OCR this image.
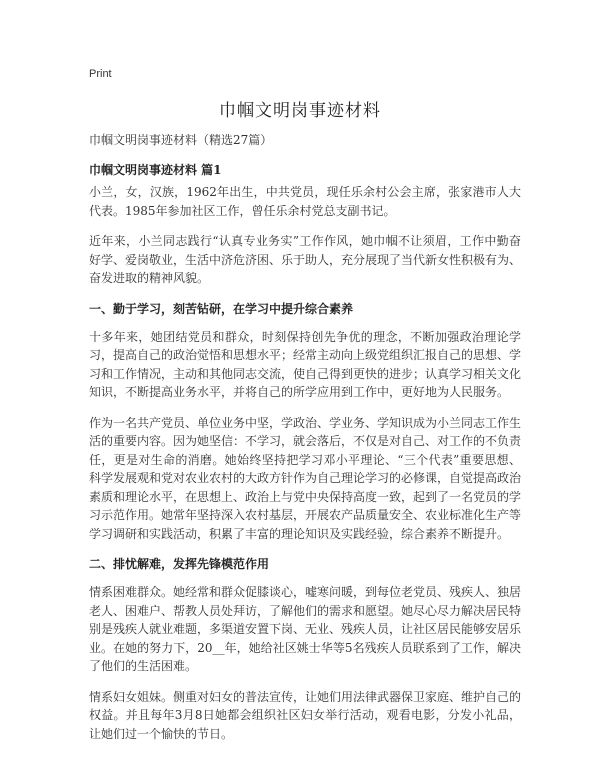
Print
巾帼文明岗事迹材料
巾帼文明岗事迹材料（精选27篇）
巾帼文明岗事迹材料 篇1

小兰，女，汉族，1962年出生，中共党员，现任乐余村公会主席，张家港市人大代表。1985年参加社区工作，曾任乐余村党总支副书记。

近年来，小兰同志践行“认真专业务实”工作作风，她巾帼不让须眉，工作中勤奋好学、爱岗敬业，生活中济危济困、乐于助人，充分展现了当代新女性积极有为、奋发进取的精神风貌。

一、勤于学习，刻苦钻研，在学习中提升综合素养

十多年来，她团结党员和群众，时刻保持创先争优的理念，不断加强政治理论学习，提高自己的政治觉悟和思想水平；经常主动向上级党组织汇报自己的思想、学习和工作情况，主动和其他同志交流，使自己得到更快的进步；认真学习相关文化知识，不断提高业务水平，并将自己的所学应用到工作中，更好地为人民服务。

作为一名共产党员、单位业务中坚，学政治、学业务、学知识成为小兰同志工作生活的重要内容。因为她坚信：不学习，就会落后，不仅是对自己、对工作的不负责任，更是对生命的消磨。她始终坚持把学习邓小平理论、“三个代表”重要思想、科学发展观和党对农业农村的大政方针作为自己理论学习的必修课，自觉提高政治素质和理论水平，在思想上、政治上与党中央保持高度一致，起到了一名党员的学习示范作用。她常年坚持深入农村基层，开展农产品质量安全、农业标准化生产等学习调研和实践活动，积累了丰富的理论知识及实践经验，综合素养不断提升。

二、排忧解难，发挥先锋模范作用

情系困难群众。她经常和群众促膝谈心，嘘寒问暖，到每位老党员、残疾人、独居老人、困难户、帮教人员处拜访，了解他们的需求和愿望。她尽心尽力解决居民特别是残疾人就业难题，多渠道安置下岗、无业、残疾人员，让社区居民能够安居乐业。在她的努力下，20__年，她给社区姚士华等5名残疾人员联系到了工作，解决了他们的生活困难。

情系妇女姐妹。侧重对妇女的普法宣传，让她们用法律武器保卫家庭、维护自己的权益。并且每年3月8日她都会组织社区妇女举行活动，观看电影，分发小礼品，让她们过一个愉快的节日。
